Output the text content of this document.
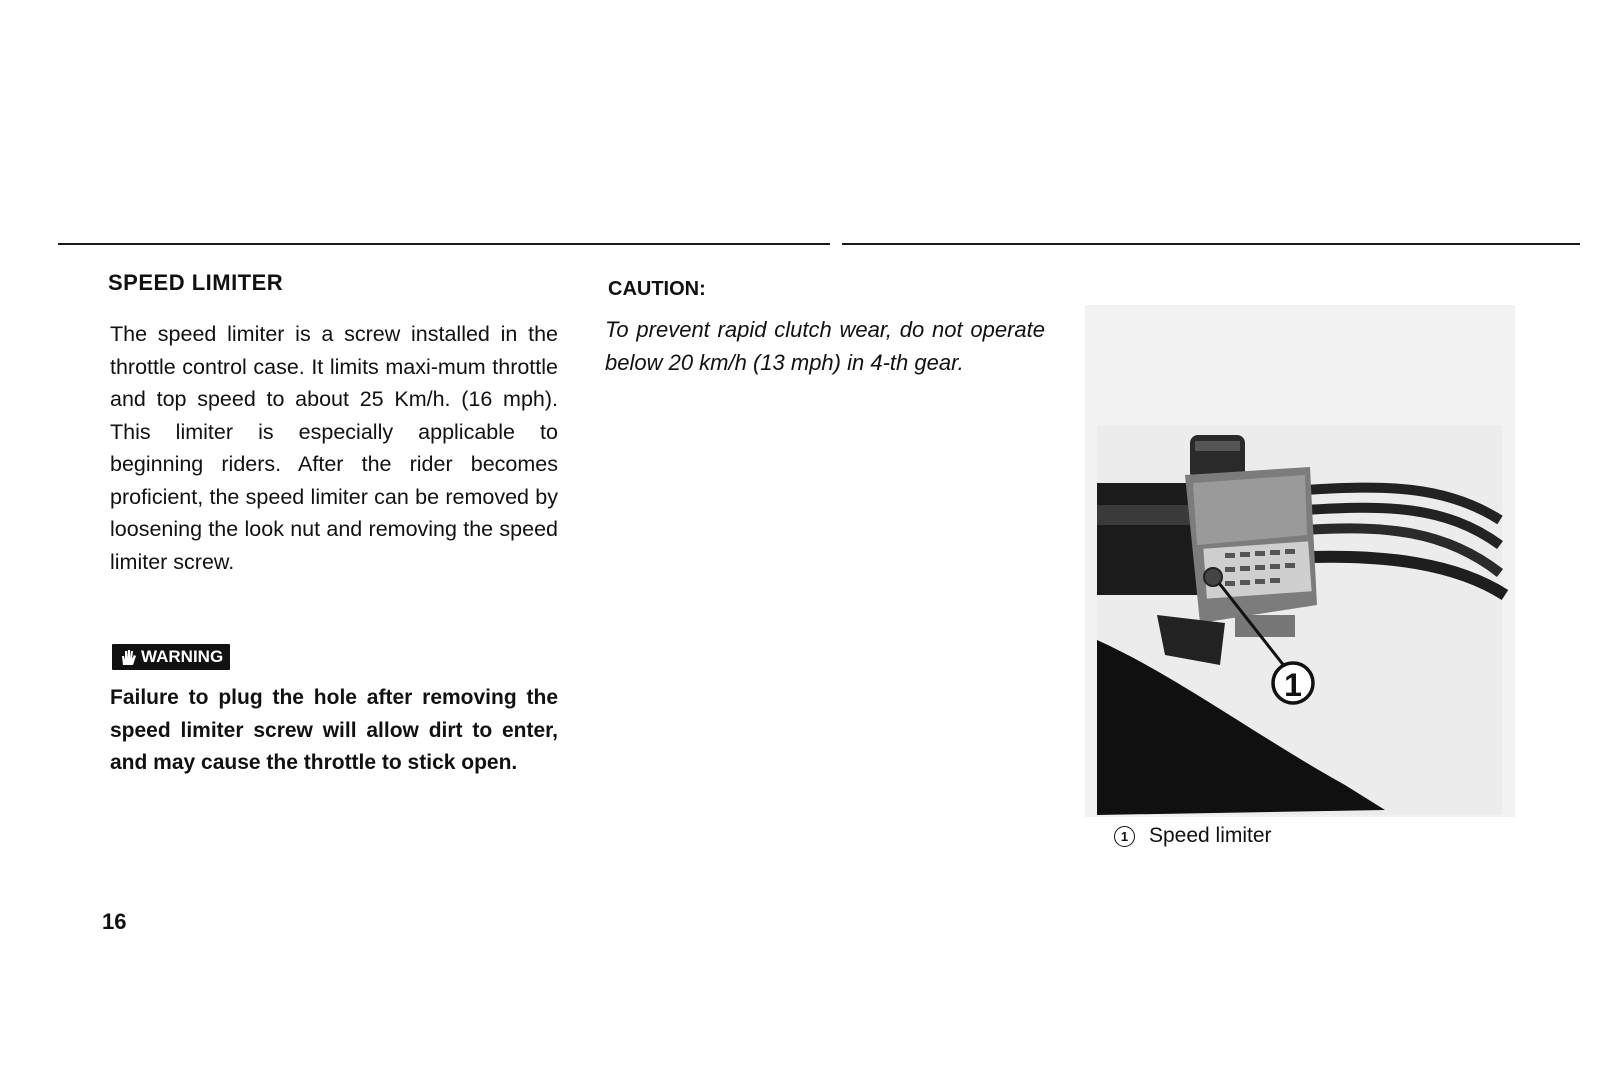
SPEED LIMITER

The speed limiter is a screw installed in the throttle control case. It limits maxi-mum throttle and top speed to about 25 Km/h. (16 mph). This limiter is especially applicable to beginning riders. After the rider becomes proficient, the speed limiter can be removed by loosening the look nut and removing the speed limiter screw.

WARNING

Failure to plug the hole after removing the speed limiter screw will allow dirt to enter, and may cause the throttle to stick open.

CAUTION:

To prevent rapid clutch wear, do not operate below 20 km/h (13 mph) in 4-th gear.

1
1 Speed limiter
16
